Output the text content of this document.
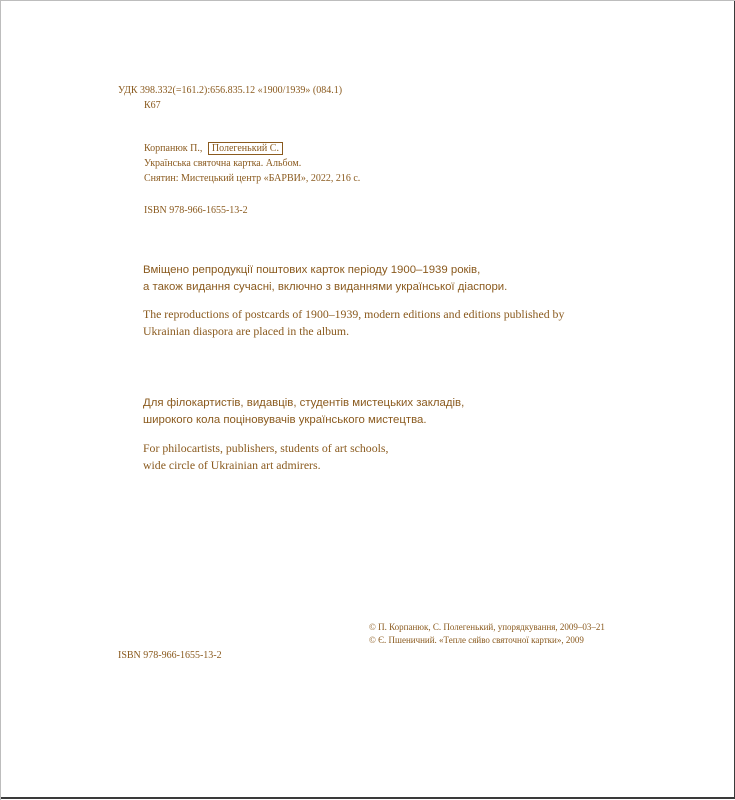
УДК 398.332(=161.2):656.835.12 «1900/1939» (084.1)
К67
Корпанюк П., Полегенький С.
Українська святочна картка. Альбом.
Снятин: Мистецький центр «БАРВИ», 2022, 216 с.
ISBN 978-966-1655-13-2
Вміщено репродукції поштових карток періоду 1900–1939 років,
а також видання сучасні, включно з виданнями української діаспори.
The reproductions of postcards of 1900–1939, modern editions and editions published by
Ukrainian diaspora are placed in the album.
Для філокартистів, видавців, студентів мистецьких закладів,
широкого кола поціновувачів українського мистецтва.
For philocartists, publishers, students of art schools,
wide circle of Ukrainian art admirers.
© П. Корпанюк, С. Полегенький, упорядкування, 2009–03–21
© Є. Пшеничний. «Тепле сяйво святочної картки», 2009
ISBN 978-966-1655-13-2
